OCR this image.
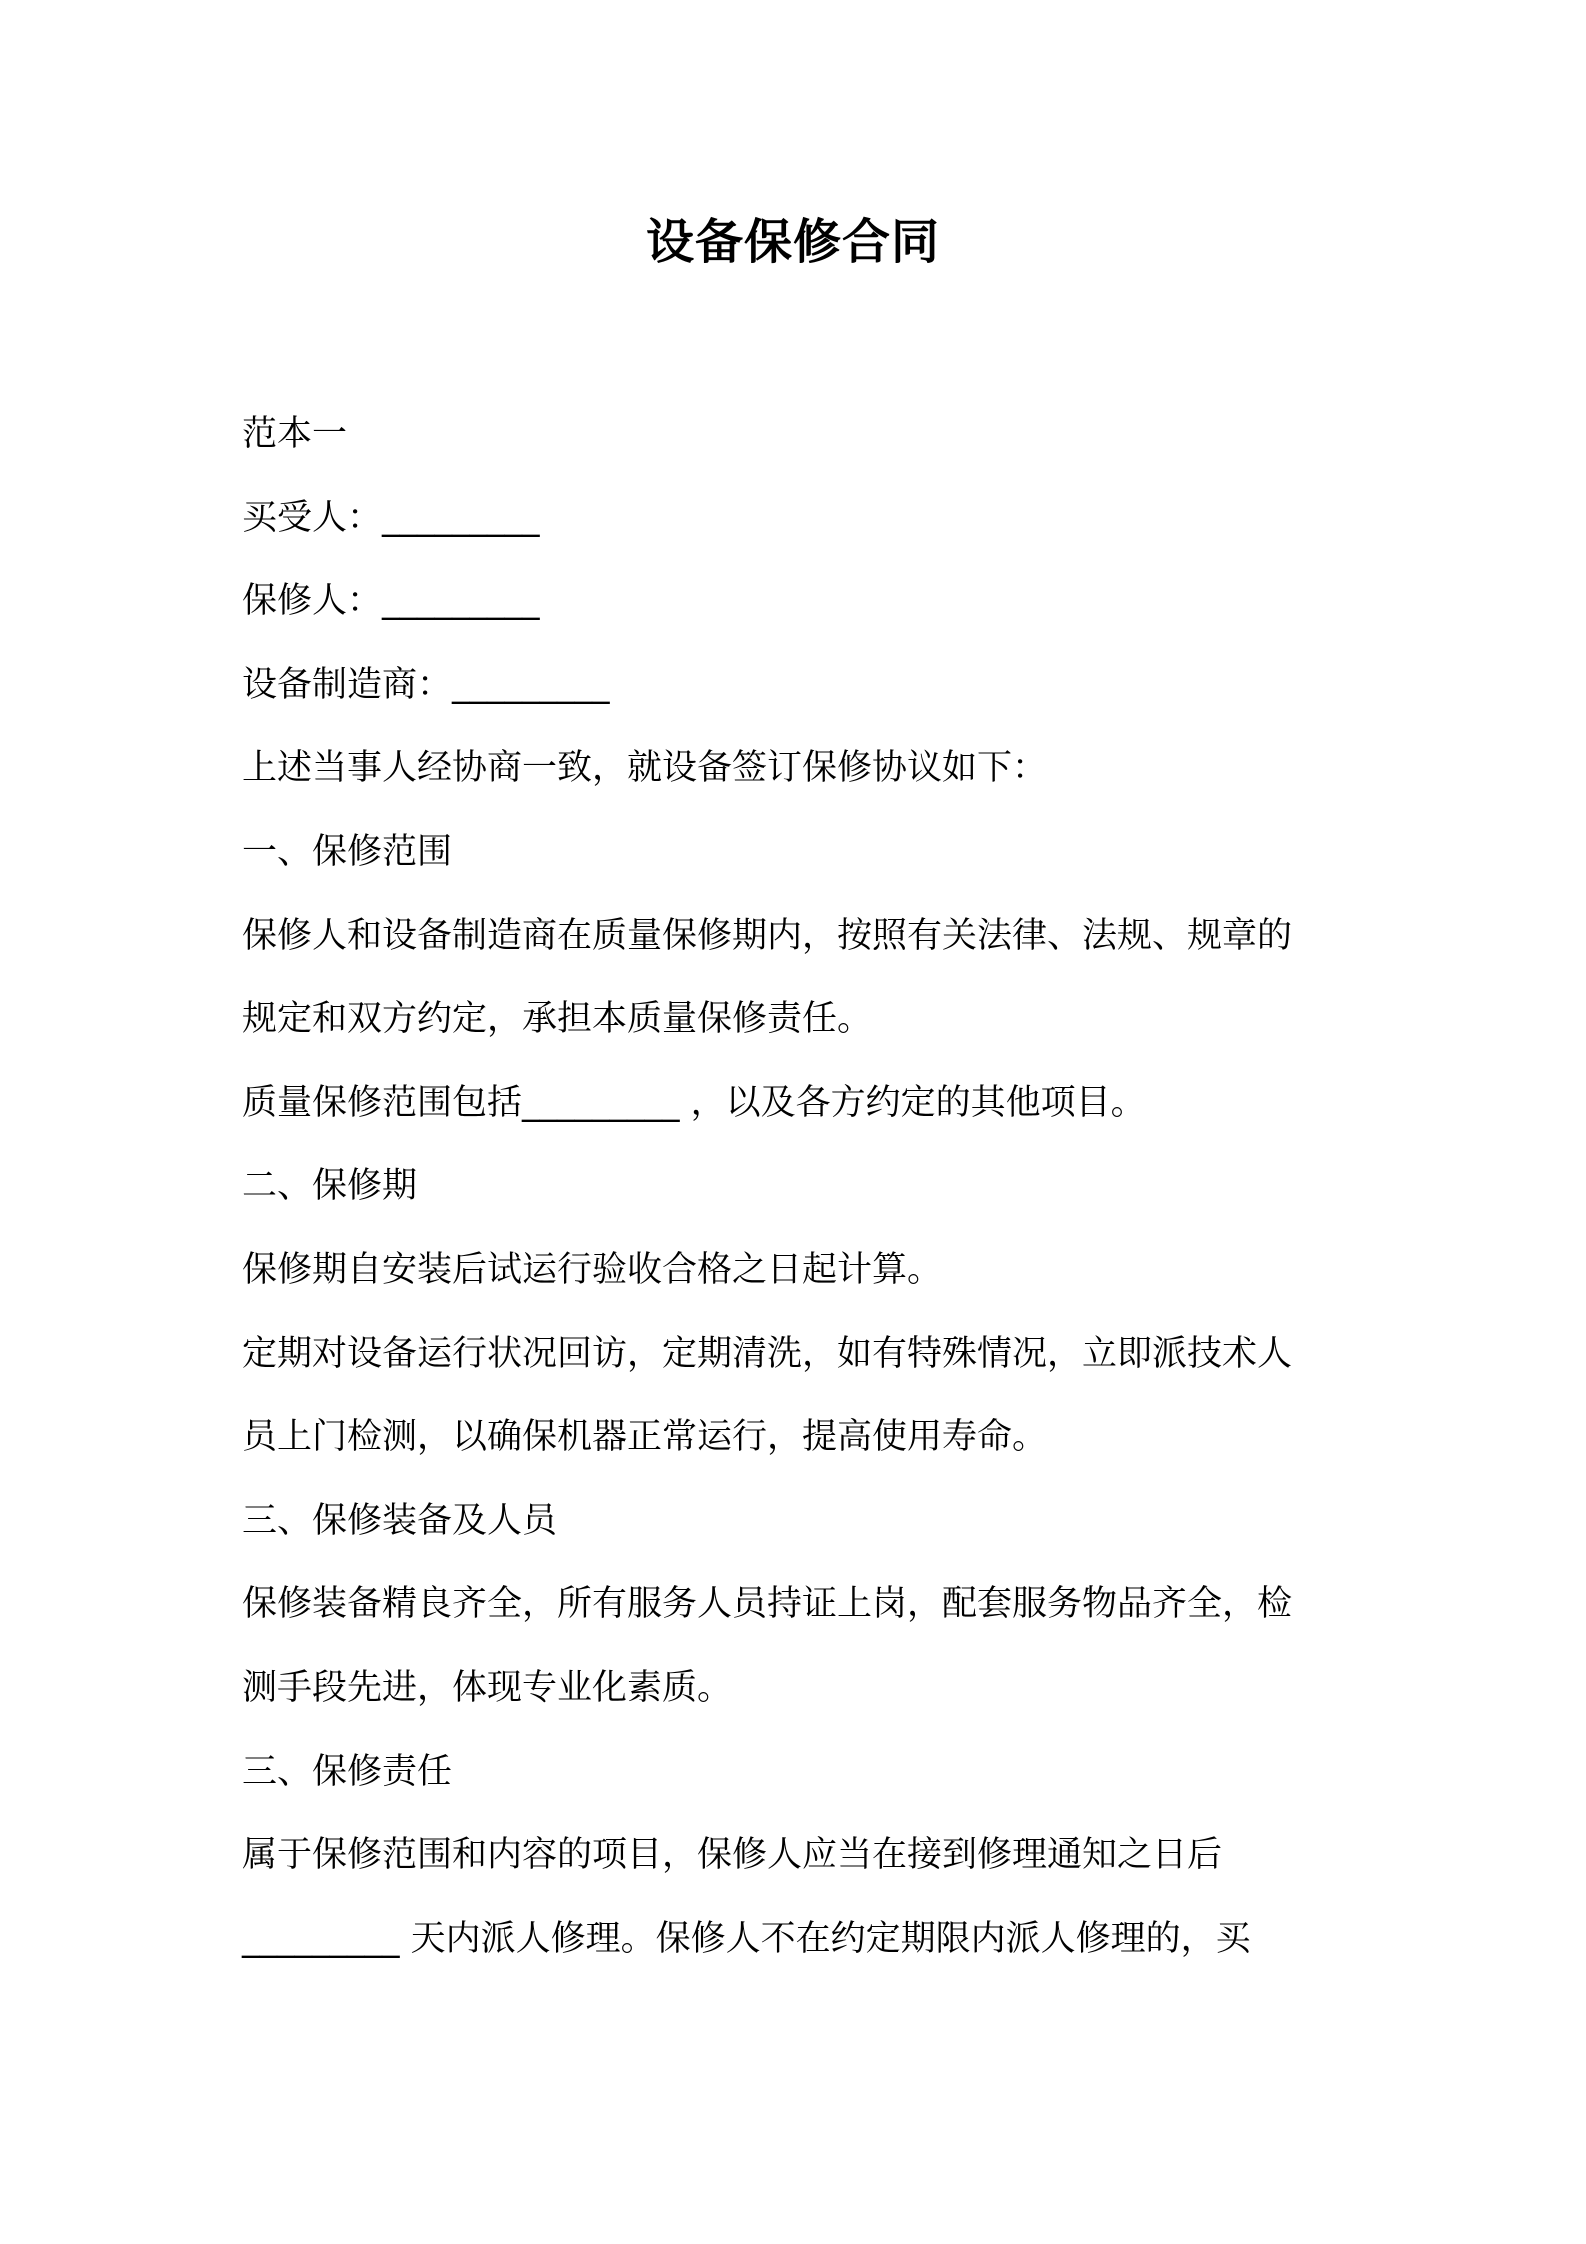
设备保修合同
范本一
买受人：_________
保修人：_________
设备制造商：_________
上述当事人经协商一致，就设备签订保修协议如下：
一、保修范围
保修人和设备制造商在质量保修期内，按照有关法律、法规、规章的
规定和双方约定，承担本质量保修责任。
质量保修范围包括_________ ，以及各方约定的其他项目。
二、保修期
保修期自安装后试运行验收合格之日起计算。
定期对设备运行状况回访，定期清洗，如有特殊情况，立即派技术人
员上门检测，以确保机器正常运行，提高使用寿命。
三、保修装备及人员
保修装备精良齐全，所有服务人员持证上岗，配套服务物品齐全，检
测手段先进，体现专业化素质。
三、保修责任
属于保修范围和内容的项目，保修人应当在接到修理通知之日后
_________ 天内派人修理。保修人不在约定期限内派人修理的，买
